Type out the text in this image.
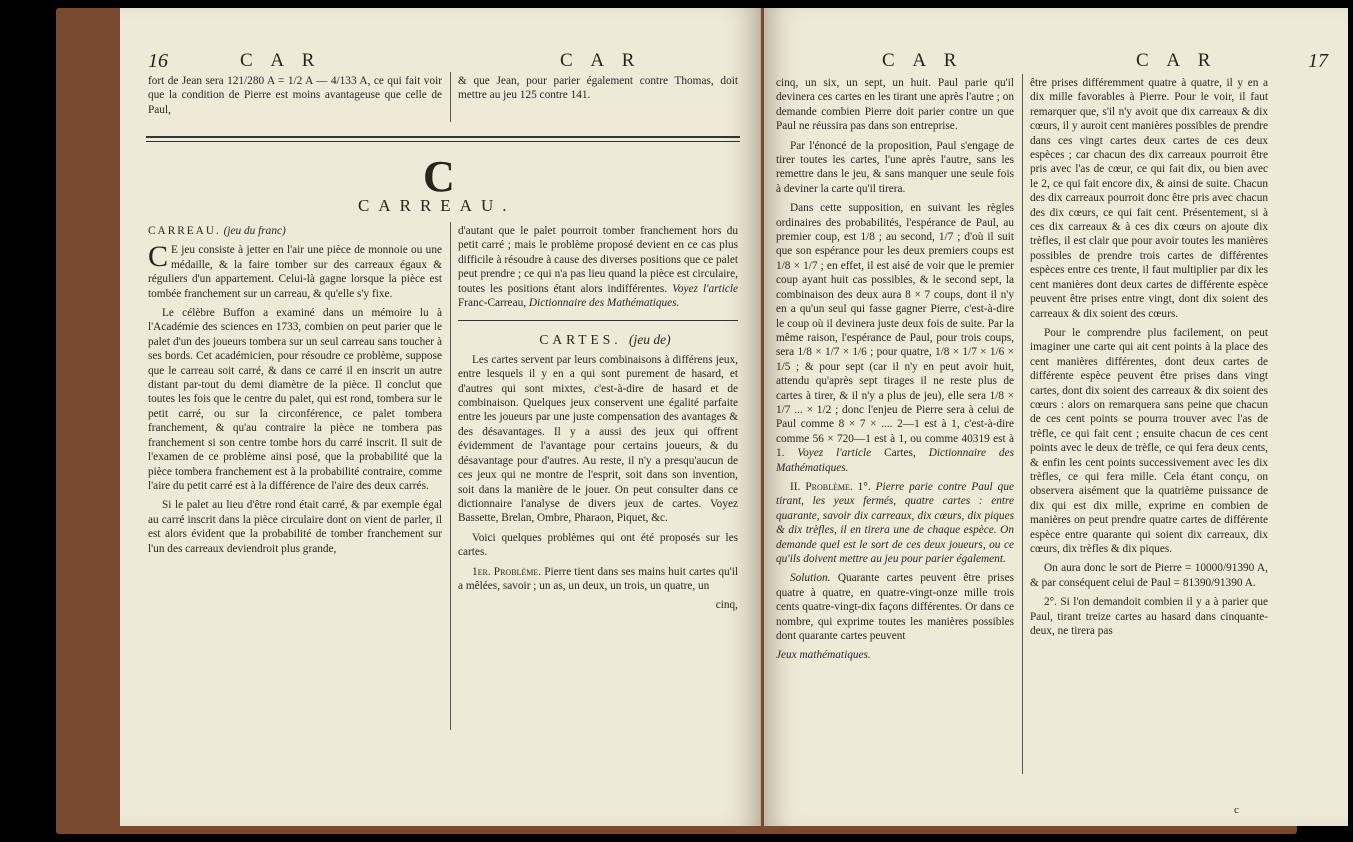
16	C A R	C A R

fort de Jean sera 121/280 A = 1/2 A — 4/133 A, ce qui fait voir que la condition de Pierre est moins avantageuse que celle de Paul,

& que Jean, pour parier également contre Thomas, doit mettre au jeu 125 contre 141.

C
CARREAU.

CARREAU. (jeu du franc)

C E jeu consiste à jetter en l'air une pièce de monnoie ou une médaille, & la faire tomber sur des carreaux égaux & réguliers d'un appartement. Celui-là gagne lorsque la pièce est tombée franchement sur un carreau, & qu'elle s'y fixe.

Le célèbre Buffon a examiné dans un mémoire lu à l'Académie des sciences en 1733, combien on peut parier que le palet d'un des joueurs tombera sur un seul carreau sans toucher à ses bords. Cet académicien, pour résoudre ce problème, suppose que le carreau soit carré, & dans ce carré il en inscrit un autre distant par-tout du demi diamètre de la pièce. Il conclut que toutes les fois que le centre du palet, qui est rond, tombera sur le petit carré, ou sur la circonférence, ce palet tombera franchement, & qu'au contraire la pièce ne tombera pas franchement si son centre tombe hors du carré inscrit. Il suit de l'examen de ce problème ainsi posé, que la probabilité que la pièce tombera franchement est à la probabilité contraire, comme l'aire du petit carré est à la différence de l'aire des deux carrés.

Si le palet au lieu d'être rond était carré, & par exemple égal au carré inscrit dans la pièce circulaire dont on vient de parler, il est alors évident que la probabilité de tomber franchement sur l'un des carreaux deviendroit plus grande,

d'autant que le palet pourroit tomber franchement hors du petit carré ; mais le problème proposé devient en ce cas plus difficile à résoudre à cause des diverses positions que ce palet peut prendre ; ce qui n'a pas lieu quand la pièce est circulaire, toutes les positions étant alors indifférentes. Voyez l'article Franc-Carreau, Dictionnaire des Mathématiques.

CARTES. (jeu de)

Les cartes servent par leurs combinaisons à différens jeux, entre lesquels il y en a qui sont purement de hasard, et d'autres qui sont mixtes, c'est-à-dire de hasard et de combinaison. Quelques jeux conservent une égalité parfaite entre les joueurs par une juste compensation des avantages & des désavantages. Il y a aussi des jeux qui offrent évidemment de l'avantage pour certains joueurs, & du désavantage pour d'autres. Au reste, il n'y a presqu'aucun de ces jeux qui ne montre de l'esprit, soit dans son invention, soit dans la manière de le jouer. On peut consulter dans ce dictionnaire l'analyse de divers jeux de cartes. Voyez Bassette, Brelan, Ombre, Pharaon, Piquet, &c.

Voici quelques problèmes qui ont été proposés sur les cartes.

1er. Problème. Pierre tient dans ses mains huit cartes qu'il a mêlées, savoir ; un as, un deux, un trois, un quatre, un

cinq,

C A R	C A R	17

cinq, un six, un sept, un huit. Paul parie qu'il devinera ces cartes en les tirant une après l'autre ; on demande combien Pierre doit parier contre un que Paul ne réussira pas dans son entreprise.

Par l'énoncé de la proposition, Paul s'engage de tirer toutes les cartes, l'une après l'autre, sans les remettre dans le jeu, & sans manquer une seule fois à deviner la carte qu'il tirera.

Dans cette supposition, en suivant les règles ordinaires des probabilités, l'espérance de Paul, au premier coup, est 1/8 ; au second, 1/7 ; d'où il suit que son espérance pour les deux premiers coups est 1/8 × 1/7 ; en effet, il est aisé de voir que le premier coup ayant huit cas possibles, & le second sept, la combinaison des deux aura 8 × 7 coups, dont il n'y en a qu'un seul qui fasse gagner Pierre, c'est-à-dire le coup où il devinera juste deux fois de suite. Par la même raison, l'espérance de Paul, pour trois coups, sera 1/8 × 1/7 × 1/6 ; pour quatre, 1/8 × 1/7 × 1/6 × 1/5 ; & pour sept (car il n'y en peut avoir huit, attendu qu'après sept tirages il ne reste plus de cartes à tirer, & il n'y a plus de jeu), elle sera 1/8 × 1/7 ... × 1/2 ; donc l'enjeu de Pierre sera à celui de Paul comme 8 × 7 × .... 2—1 est à 1, c'est-à-dire comme 56 × 720—1 est à 1, ou comme 40319 est à 1. Voyez l'article Cartes, Dictionnaire des Mathématiques.

II. Problème. 1°. Pierre parie contre Paul que tirant, les yeux fermés, quatre cartes : entre quarante, savoir dix carreaux, dix cœurs, dix piques & dix trèfles, il en tirera une de chaque espèce. On demande quel est le sort de ces deux joueurs, ou ce qu'ils doivent mettre au jeu pour parier également.

Solution. Quarante cartes peuvent être prises quatre à quatre, en quatre-vingt-onze mille trois cents quatre-vingt-dix façons différentes. Or dans ce nombre, qui exprime toutes les manières possibles dont quarante cartes peuvent

Jeux mathématiques.

être prises différemment quatre à quatre, il y en a dix mille favorables à Pierre. Pour le voir, il faut remarquer que, s'il n'y avoit que dix carreaux & dix cœurs, il y auroit cent manières possibles de prendre dans ces vingt cartes deux cartes de ces deux espèces ; car chacun des dix carreaux pourroit être pris avec l'as de cœur, ce qui fait dix, ou bien avec le 2, ce qui fait encore dix, & ainsi de suite. Chacun des dix carreaux pourroit donc être pris avec chacun des dix cœurs, ce qui fait cent. Présentement, si à ces dix carreaux & à ces dix cœurs on ajoute dix trèfles, il est clair que pour avoir toutes les manières possibles de prendre trois cartes de différentes espèces entre ces trente, il faut multiplier par dix les cent manières dont deux cartes de différente espèce peuvent être prises entre vingt, dont dix soient des carreaux & dix soient des cœurs.

Pour le comprendre plus facilement, on peut imaginer une carte qui ait cent points à la place des cent manières différentes, dont deux cartes de différente espèce peuvent être prises dans vingt cartes, dont dix soient des carreaux & dix soient des cœurs : alors on remarquera sans peine que chacun de ces cent points se pourra trouver avec l'as de trèfle, ce qui fait cent ; ensuite chacun de ces cent points avec le deux de trèfle, ce qui fera deux cents, & enfin les cent points successivement avec les dix trèfles, ce qui fera mille. Cela étant conçu, on observera aisément que la quatrième puissance de dix qui est dix mille, exprime en combien de manières on peut prendre quatre cartes de différente espèce entre quarante qui soient dix carreaux, dix cœurs, dix trèfles & dix piques.

On aura donc le sort de Pierre = 10000/91390 A, & par conséquent celui de Paul = 81390/91390 A.

2°. Si l'on demandoit combien il y a à parier que Paul, tirant treize cartes au hasard dans cinquante-deux, ne tirera pas

c
